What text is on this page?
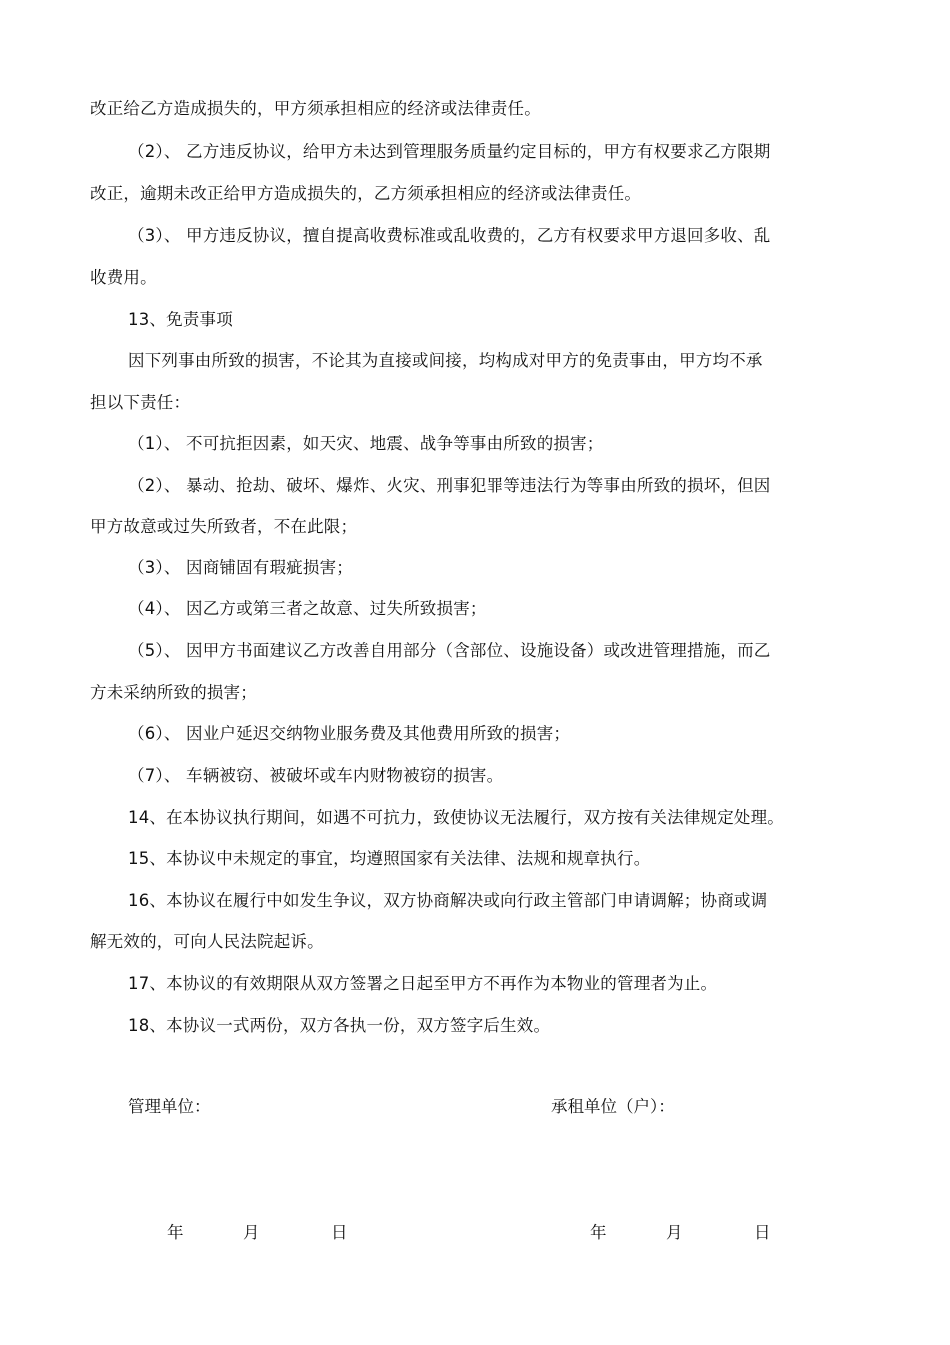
改正给乙方造成损失的，甲方须承担相应的经济或法律责任。
（2）、 乙方违反协议，给甲方未达到管理服务质量约定目标的，甲方有权要求乙方限期
改正，逾期未改正给甲方造成损失的，乙方须承担相应的经济或法律责任。
（3）、 甲方违反协议，擅自提高收费标准或乱收费的，乙方有权要求甲方退回多收、乱
收费用。
13、免责事项
因下列事由所致的损害，不论其为直接或间接，均构成对甲方的免责事由，甲方均不承
担以下责任：
（1）、 不可抗拒因素，如天灾、地震、战争等事由所致的损害；
（2）、 暴动、抢劫、破坏、爆炸、火灾、刑事犯罪等违法行为等事由所致的损坏，但因
甲方故意或过失所致者，不在此限；
（3）、 因商铺固有瑕疵损害；
（4）、 因乙方或第三者之故意、过失所致损害；
（5）、 因甲方书面建议乙方改善自用部分（含部位、设施设备）或改进管理措施，而乙
方未采纳所致的损害；
（6）、 因业户延迟交纳物业服务费及其他费用所致的损害；
（7）、 车辆被窃、被破坏或车内财物被窃的损害。
14、在本协议执行期间，如遇不可抗力，致使协议无法履行，双方按有关法律规定处理。
15、本协议中未规定的事宜，均遵照国家有关法律、法规和规章执行。
16、本协议在履行中如发生争议，双方协商解决或向行政主管部门申请调解；协商或调
解无效的，可向人民法院起诉。
17、本协议的有效期限从双方签署之日起至甲方不再作为本物业的管理者为止。
18、本协议一式两份，双方各执一份，双方签字后生效。
管理单位：	承租单位（户）：
年	月	日	年	月	日
